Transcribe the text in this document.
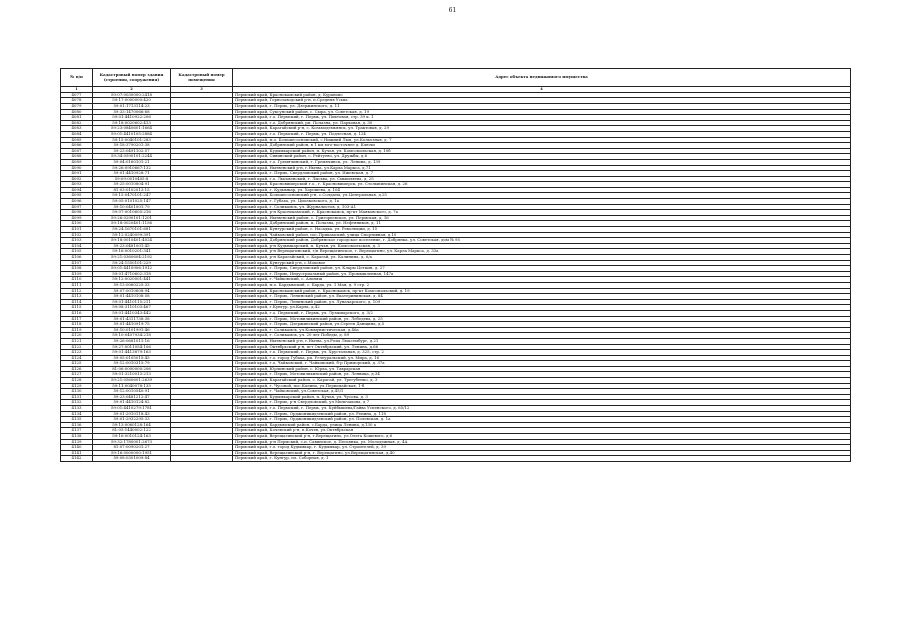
61
№ п/п	Кадастровый номер здания (строения, сооружения)	Кадастровый номер помещения	Адрес объекта недвижимого имущества
1	2	3	4
4077	59:07:0030000:2418		Пермский край, Краснокамский район, д. Кураново
4078	59:17:0000000:420		Пермский край, Горнозаводский р-н, п.Средняя Усьва
4079	59:01:1713114:23		Пермский край, г. Пермь, ул. Дзержинского, д. 11
4080	59:33:1470066:68		Пермский край, Суксунский район, с. Сыра, ул. Советская, д. 19
4081	59:01:4410922:206		Пермский край, г.о. Пермский, г. Пермь, ул. Пихтовая, стр. 39 к. 1
4082	59:18:0020602:413		Пермский край, г.о. Добрянский, рп. Полазна, ул. Парковая, д. 30
4083	59:23:0840601:1664		Пермский край, Карагайский р-н, с. Козьмодемьянск, ул. Трактовая, д. 29
4084	59:01:4410105:2884		Пермский край, г.о. Пермский, г. Пермь, ул. Подлесная, д. 124
4085	59:15:0040101:283		Пермский край, м.о. Большесосновский, с.Нижний Лып, ул.Колхозная, д. 7
4086	59:18:3790201:38		Пермский край, Добрянский район, в 1 км юго-восточнее д. Ключи
4087	59:23:0491102:57		Пермский край, Кудымкарский район, п. Кучья, ул. Комсомольская, д. 10б
4088	59:34:0590101:2244		Пермский край, Сивинский район, с. Рейтуево, ул. Дружбы, д.6
4089	59:04:0160101:21		Пермский край, г.о. Гремячинский, г. Гремячинск, ул. Ленина, д. 139
4090	59:26:0910667:132		Пермский край, Нытвенский р-н, г.Нытва, ул.Карла Маркса, д.71
4091	59:01:4410928:71		Пермский край, г. Пермь, Свердловский район, ул. Ижевская, д. 7
4092	59:09:0010405:8		Пермский край, г.о. Лысьвенский, г. Лысьва, ул. Смышляева, д. 25
4093	59:25:0010804:91		Пермский край, Красновишерский г.о., г. Красновишерск, ул. Столыпинская, д. 26
4094	81:03:0102013:15		Пермский край, г. Кудымкар, ул. Хорошева, д. 104
4095	59:15:0470101:247		Пермский край, Большесосновский р-н, с.Солдаты, ул.Центральная, д.25
4096	59:05:0101025:147		Пермский край, г. Губаха, ул. Циолковского, д. 1а
4097	59:10:0401001:79		Пермский край, г. Соликамск, ул. Журналистов, д. 103-А1
4098	59:07:0010605:216		Пермский край, р-н Краснокамский, г. Краснокамск, пр-кт Маяковского, д. 7а
4099	59:26:0290101:1201		Пермский край, Нытвенский район, с. Григорьевское, ул. Пермская, д. 16
4100	59:18:0020401:1156		Пермский край, Добрянский район, п. Полазна, ул. Нефтяников, д. 11
4101	59:24:1670101:681		Пермский край, Кунгурский район, с. Насадка, ул. Революции, д. 15
4102	59:12:0240099:391		Пермский край, Чайковский район, пос.Прикамский, улица Спортивная, д.10
4103	59:18:0010401:4024		Пермский край, Добрянский район, Добрянское городское поселение, г. Добрянка, ул. Советская, дом № 95
4104	59:23:0481001:45		Пермский край, р-н Кудымкарский, п. Кучья, ул. Комсомольская, д. 3
4105	59:16:0010201:341		Пермский край, р-н Верещагинский, г/п Верещагинское, г. Верещагино, ул. Карла Маркса, д. 33а
4106	59:21:0360604:2192		Пермский край, р-н Карагайский, с. Карагай, ул. Калинина, д. 6/а
4107	59:24:1550101:229		Пермский край, Кунгурский р-н, с.Моховое
4108	59:01:4410906:1912		Пермский край, г. Пермь, Свердловский район, ул. Клары Цеткин, д. 27
4109	59:01:4710602:318		Пермский край, г. Пермь, Индустриальный район, ул. Промышленная, 147а
4110	59:12:0020001:441		Пермский край, г. Чайковский, с. Альняш
4111	59:13:0060225:33		Пермский край, м.о. Бардымский, с. Барда, ул. 1 Мая, д. 9 стр. 2
4112	59:07:0010608:94		Пермский край, Краснокамский район, г. Краснокамск, пр-кт Комсомольский, д. 19
4113	59:01:4410108:58		Пермский край, г. Пермь, Ленинский район, ул. Екатерининская, д. 84
4114	59:01:4410115:211		Пермский край, г. Пермь, Ленинский район, ул. Луначарского, д. 109
4115	59:08:3110103:467		Пермский край, г.Кунгур, ул.Карла, д.42
4116	59:01:4410343:442		Пермский край, г.о. Пермский, г. Пермь, ул. Лузышарского, д. 3/2
4117	59:01:4311738:38		Пермский край, г. Пермь, Мотовилихинский район, ул. Лебедева, д. 25
4118	59:01:4410919:75		Пермский край, г. Пермь, Дзержинский район, ул.Сергея Данщина, д.5
4119	59:10:0101991:46		Пермский край, г. Соликамск, ул.Коммунистическая, д.46а
4120	59:10:0407934:218		Пермский край, г. Соликамск, ул. 20 лет Победы, д. 89
4121	59:26:0681011:16		Пермский край, Нытвенский р-н, г.Нытва, ул.Розы Люксембург, д.21
4122	59:27:0011054:106		Пермский край, Октябрьский р-н, пгт Октябрьский, ул. Ленина, д.66
4123	59:01:4413879:163		Пермский край, г.о. Пермский, г. Пермь, ул. Хрустальная, д. 325, стр. 2
4124	59:05:0105015:45		Пермский край, г.о. город Губаха, рп. Углеуральский, ул. Мира, д. 16
4125	59:12:0010315:79		Пермский край, г.о. Чайковский, г. Чайковский, б-р Приморский, д. 37а
4126	81:06:0000000:206		Пермский край, Юрлинский район, с. Юрла, ул. Таврарская
4127	59:01:3210013:213		Пермский край, г. Пермь, Мотовилихинский район, ул. Ленвица, д.34
4128	59:21:0560601:2639		Пермский край, Карагайский район, с. Карагай, ул. Трегубенко, д. 3
4129	59:11:0040078:135		Пермский край, г. Чусовой, пос.Калино, ул.Первомайская, 1-б
4130	59:12:0010540:91		Пермский край, г. Чайковский, ул.Советская, д.45/1
4131	59:23:0481212:47		Пермский край, Кудымкарский район, п. Кучья, ул. Чусова, д. 3
4132	59:01:4410124:82		Пермский край, г. Пермь, р-н Свердловский, ул Мильчакова, д 7
4133	59:01:4410279:1781		Пермский край, г.о. Пермский, г. Пермь, ул. Куйбышева/Гайва Успенского, д. 65/12
4134	59:01:2910118:43		Пермский край, г. Пермь, Орджоникидзевский район, ул. Репина, д. 118
4135	59:01:2932295:33		Пермский край, г. Пермь, Орджоникидзевский район, ул. Полевская, д. 1а
4136	59:13:0060128:164		Пермский край, Бардымский район, с.Барда, улица Ленина, д.130 а
4137	81:05:1440002:122		Пермский край, Кочевский р-н, п.Кочев, ул.Октябрьская
4138	59:16:0010124:163		Пермский край, Верещагинский р-н, г.Верещагино, ул.Олега Кошевого, д.6
4139	59:32:1780001:2673		Пермский край, р-н Пермский, с.п. Савинское, д. Песьянка, ул. Молодежная, д. 4А
4140	81:07:0090201:27		Пермский край, г.о. город Кудымкар, г. Кудымкар, ул. Строителей, д. 39
4141	59:16:0000000:1951		Пермский край, Верещагинский р-н, г. Верещагино, ул.Верещагинская, д.40
4142	59:08:0301009:84		Пермский край, г. Кунгур, пл. Соборная, д. 1
